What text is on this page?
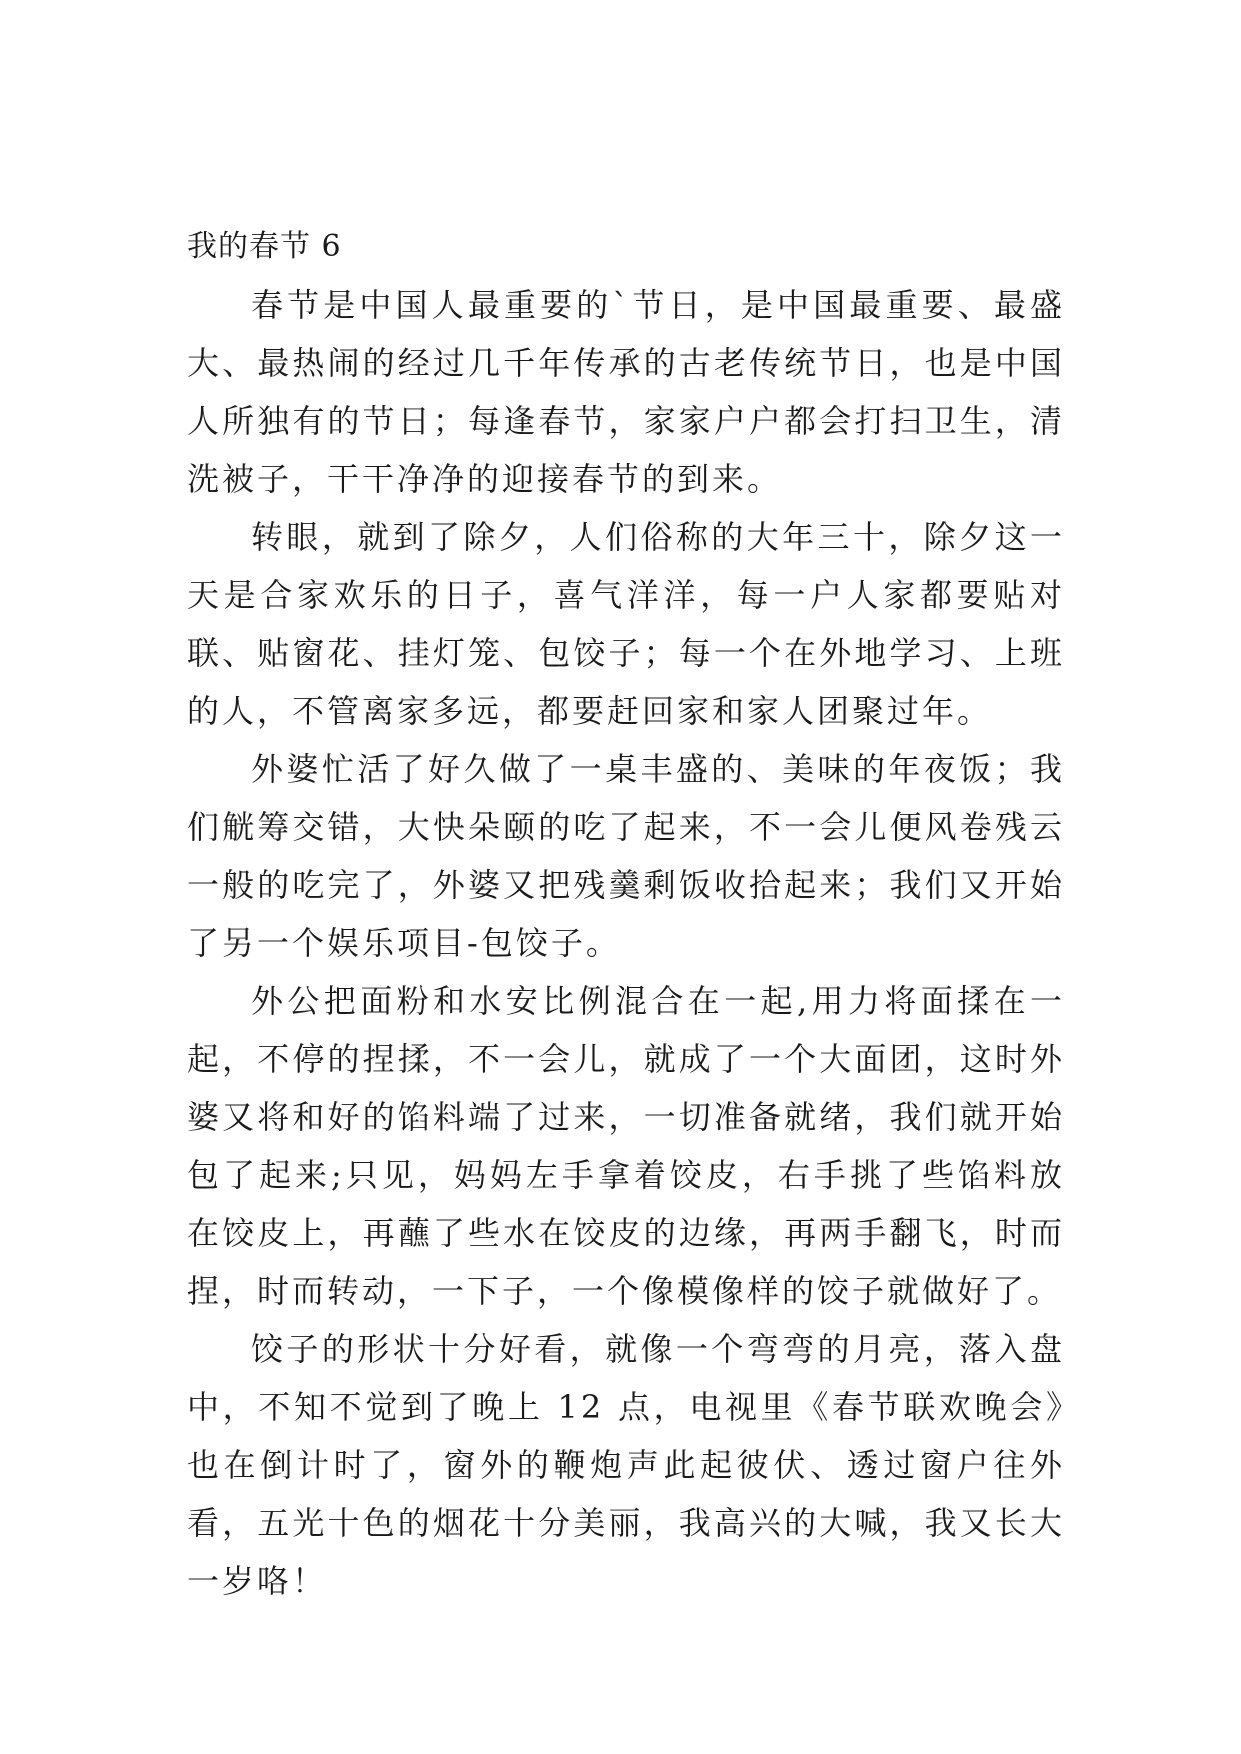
我的春节 6

春节是中国人最重要的`节日，是中国最重要、最盛大、最热闹的经过几千年传承的古老传统节日，也是中国人所独有的节日；每逢春节，家家户户都会打扫卫生，清洗被子，干干净净的迎接春节的到来。

转眼，就到了除夕，人们俗称的大年三十，除夕这一天是合家欢乐的日子，喜气洋洋，每一户人家都要贴对联、贴窗花、挂灯笼、包饺子；每一个在外地学习、上班的人，不管离家多远，都要赶回家和家人团聚过年。

外婆忙活了好久做了一桌丰盛的、美味的年夜饭；我们觥筹交错，大快朵颐的吃了起来，不一会儿便风卷残云一般的吃完了，外婆又把残羹剩饭收拾起来；我们又开始了另一个娱乐项目-包饺子。

外公把面粉和水安比例混合在一起,用力将面揉在一起，不停的捏揉，不一会儿，就成了一个大面团，这时外婆又将和好的馅料端了过来，一切准备就绪，我们就开始包了起来;只见，妈妈左手拿着饺皮，右手挑了些馅料放在饺皮上，再蘸了些水在饺皮的边缘，再两手翻飞，时而捏，时而转动，一下子，一个像模像样的饺子就做好了。

饺子的形状十分好看，就像一个弯弯的月亮，落入盘中，不知不觉到了晚上 12 点，电视里《春节联欢晚会》也在倒计时了，窗外的鞭炮声此起彼伏、透过窗户往外看，五光十色的烟花十分美丽，我高兴的大喊，我又长大一岁咯！
